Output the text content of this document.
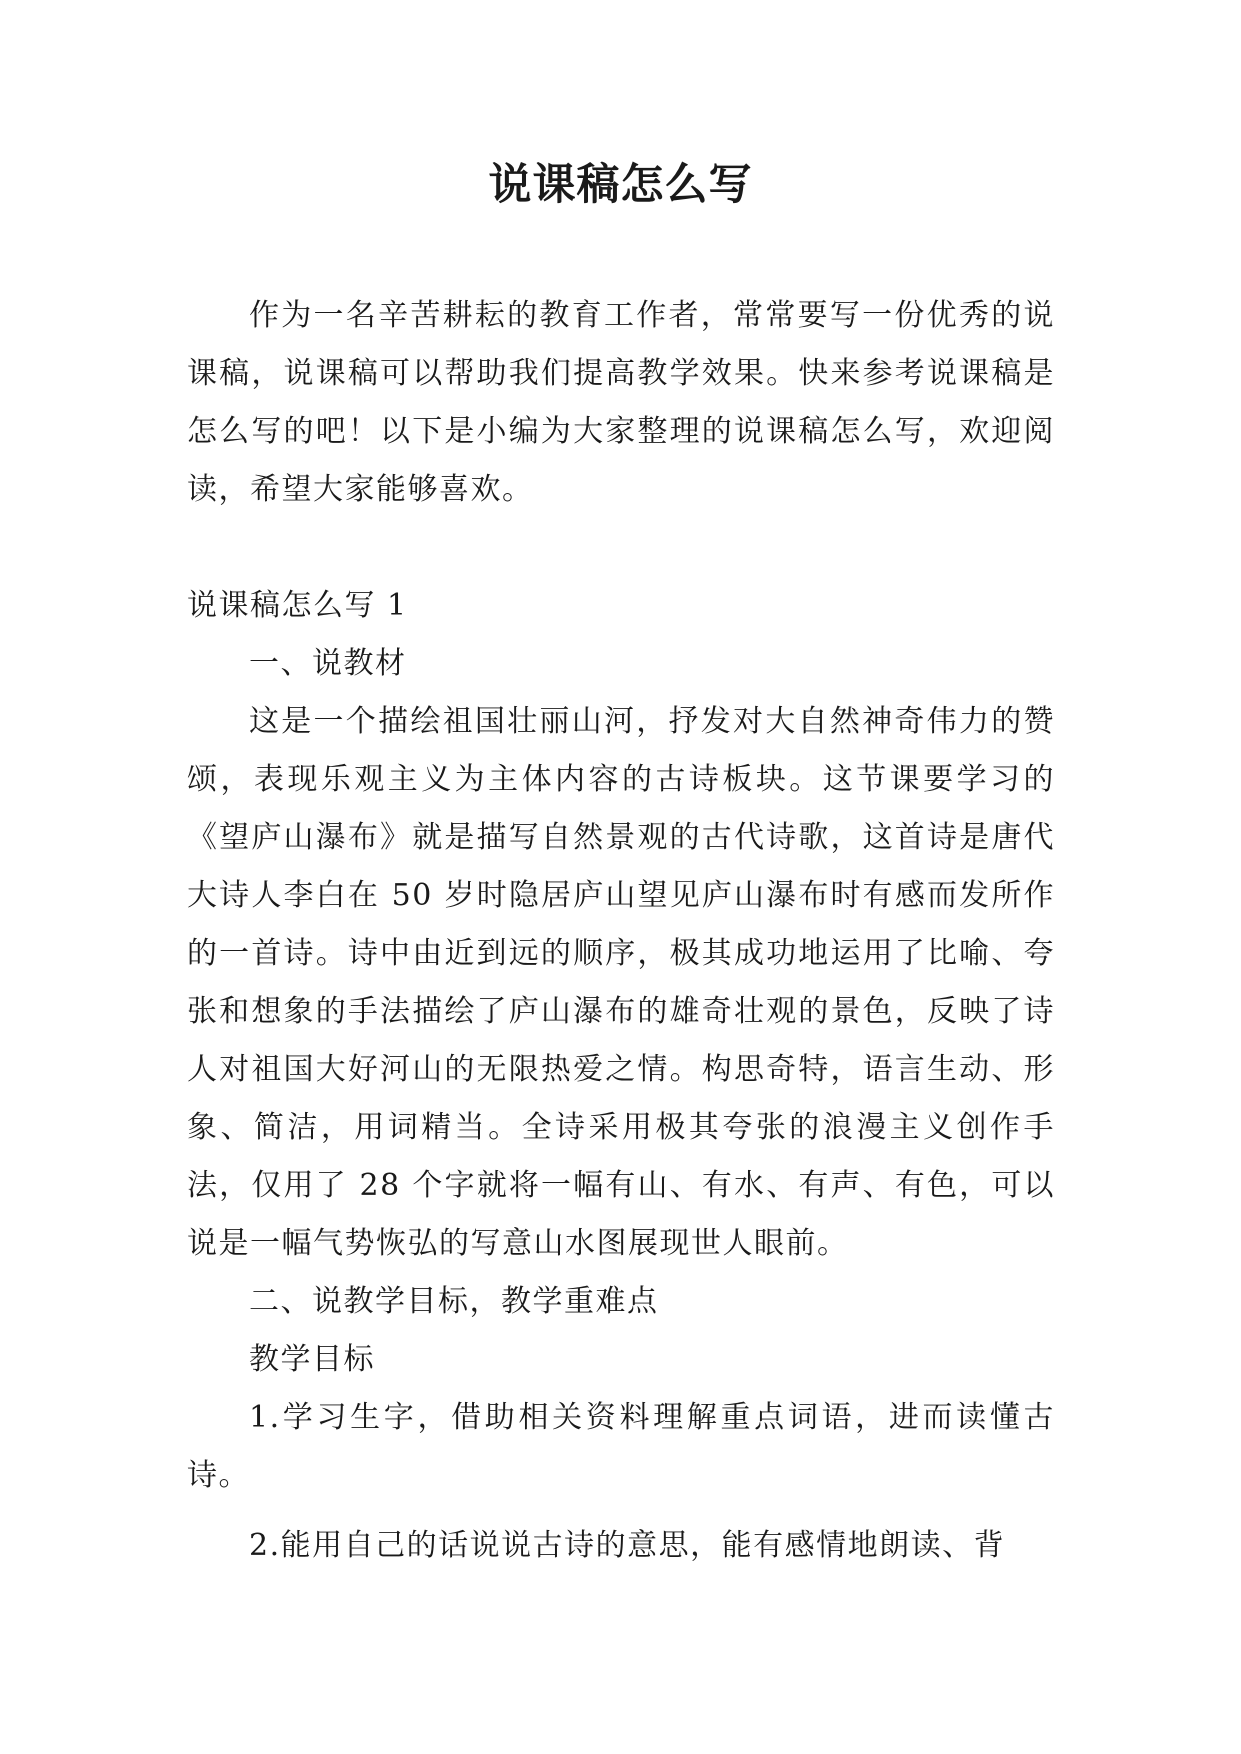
说课稿怎么写

作为一名辛苦耕耘的教育工作者，常常要写一份优秀的说课稿，说课稿可以帮助我们提高教学效果。快来参考说课稿是怎么写的吧！以下是小编为大家整理的说课稿怎么写，欢迎阅读，希望大家能够喜欢。

说课稿怎么写 1

一、说教材

这是一个描绘祖国壮丽山河，抒发对大自然神奇伟力的赞颂，表现乐观主义为主体内容的古诗板块。这节课要学习的《望庐山瀑布》就是描写自然景观的古代诗歌，这首诗是唐代大诗人李白在 50 岁时隐居庐山望见庐山瀑布时有感而发所作的一首诗。诗中由近到远的顺序，极其成功地运用了比喻、夸张和想象的手法描绘了庐山瀑布的雄奇壮观的景色，反映了诗人对祖国大好河山的无限热爱之情。构思奇特，语言生动、形象、简洁，用词精当。全诗采用极其夸张的浪漫主义创作手法，仅用了 28 个字就将一幅有山、有水、有声、有色，可以说是一幅气势恢弘的写意山水图展现世人眼前。

二、说教学目标，教学重难点

教学目标

1.学习生字，借助相关资料理解重点词语，进而读懂古诗。

2.能用自己的话说说古诗的意思，能有感情地朗读、背
